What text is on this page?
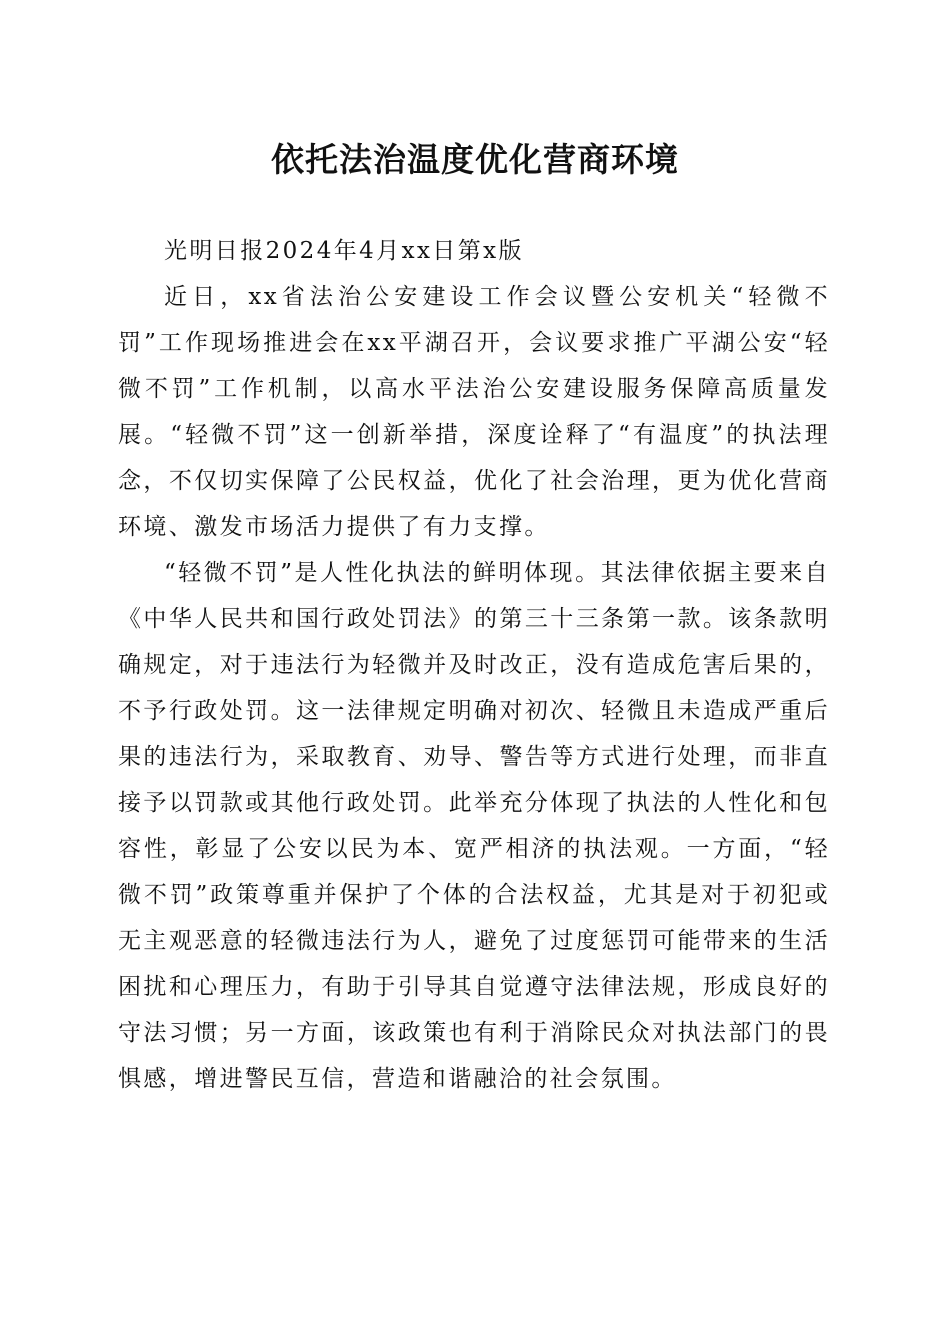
依托法治温度优化营商环境

光明日报2024年4月xx日第x版

近日，xx省法治公安建设工作会议暨公安机关“轻微不罚”工作现场推进会在xx平湖召开，会议要求推广平湖公安“轻微不罚”工作机制，以高水平法治公安建设服务保障高质量发展。“轻微不罚”这一创新举措，深度诠释了“有温度”的执法理念，不仅切实保障了公民权益，优化了社会治理，更为优化营商环境、激发市场活力提供了有力支撑。

“轻微不罚”是人性化执法的鲜明体现。其法律依据主要来自《中华人民共和国行政处罚法》的第三十三条第一款。该条款明确规定，对于违法行为轻微并及时改正，没有造成危害后果的，不予行政处罚。这一法律规定明确对初次、轻微且未造成严重后果的违法行为，采取教育、劝导、警告等方式进行处理，而非直接予以罚款或其他行政处罚。此举充分体现了执法的人性化和包容性，彰显了公安以民为本、宽严相济的执法观。一方面，“轻微不罚”政策尊重并保护了个体的合法权益，尤其是对于初犯或无主观恶意的轻微违法行为人，避免了过度惩罚可能带来的生活困扰和心理压力，有助于引导其自觉遵守法律法规，形成良好的守法习惯；另一方面，该政策也有利于消除民众对执法部门的畏惧感，增进警民互信，营造和谐融洽的社会氛围。
